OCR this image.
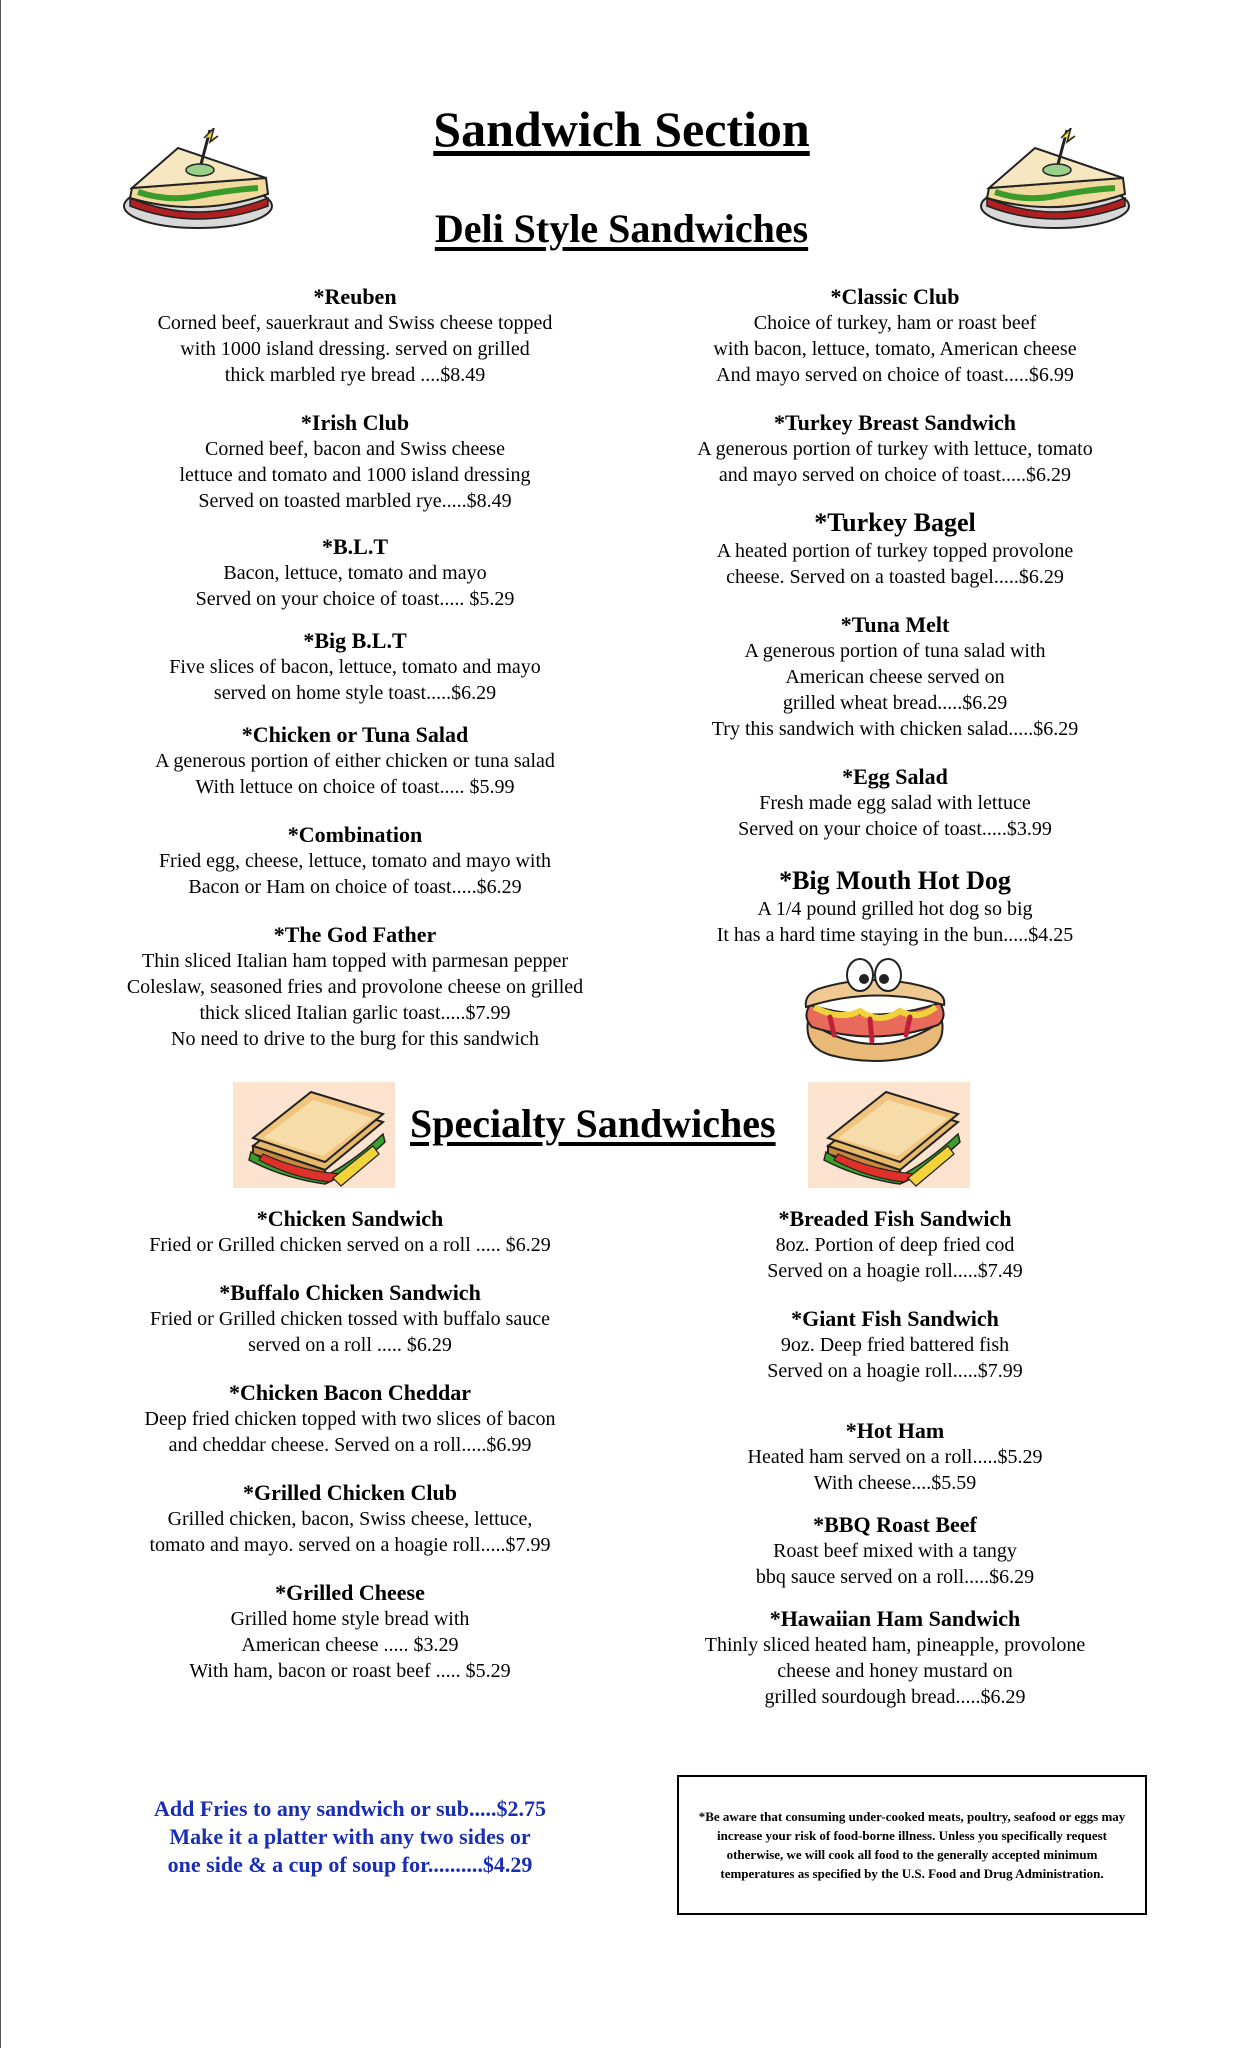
Sandwich Section
Deli Style Sandwiches
*Reuben
Corned beef, sauerkraut and Swiss cheese topped
with 1000 island dressing. served on grilled
thick marbled rye bread ....$8.49
*Irish Club
Corned beef, bacon and Swiss cheese
lettuce and tomato and 1000 island dressing
Served on toasted marbled rye.....$8.49
*B.L.T
Bacon, lettuce, tomato and mayo
Served on your choice of toast..... $5.29
*Big B.L.T
Five slices of bacon, lettuce, tomato and mayo
served on home style toast.....$6.29
*Chicken or Tuna Salad
A generous portion of either chicken or tuna salad
With lettuce on choice of toast..... $5.99
*Combination
Fried egg, cheese, lettuce, tomato and mayo with
Bacon or Ham on choice of toast.....$6.29
*The God Father
Thin sliced Italian ham topped with parmesan pepper
Coleslaw, seasoned fries and provolone cheese on grilled
thick sliced Italian garlic toast.....$7.99
No need to drive to the burg for this sandwich
*Classic Club
Choice of turkey, ham or roast beef
with bacon, lettuce, tomato, American cheese
And mayo served on choice of toast.....$6.99
*Turkey Breast Sandwich
A generous portion of turkey with lettuce, tomato
and mayo served on choice of toast.....$6.29
*Turkey Bagel
A heated portion of turkey topped provolone
cheese. Served on a toasted bagel.....$6.29
*Tuna Melt
A generous portion of tuna salad with
American cheese served on
grilled wheat bread.....$6.29
Try this sandwich with chicken salad.....$6.29
*Egg Salad
Fresh made egg salad with lettuce
Served on your choice of toast.....$3.99
*Big Mouth Hot Dog
A 1/4 pound grilled hot dog so big
It has a hard time staying in the bun.....$4.25
Specialty Sandwiches
*Chicken Sandwich
Fried or Grilled chicken served on a roll ..... $6.29
*Buffalo Chicken Sandwich
Fried or Grilled chicken tossed with buffalo sauce
served on a roll ..... $6.29
*Chicken Bacon Cheddar
Deep fried chicken topped with two slices of bacon
and cheddar cheese. Served on a roll.....$6.99
*Grilled Chicken Club
Grilled chicken, bacon, Swiss cheese, lettuce,
tomato and mayo. served on a hoagie roll.....$7.99
*Grilled Cheese
Grilled home style bread with
American cheese ..... $3.29
With ham, bacon or roast beef ..... $5.29
*Breaded Fish Sandwich
8oz. Portion of deep fried cod
Served on a hoagie roll.....$7.49
*Giant Fish Sandwich
9oz. Deep fried battered fish
Served on a hoagie roll.....$7.99
*Hot Ham
Heated ham served on a roll.....$5.29
With cheese....$5.59
*BBQ Roast Beef
Roast beef mixed with a tangy
bbq sauce served on a roll.....$6.29
*Hawaiian Ham Sandwich
Thinly sliced heated ham, pineapple, provolone
cheese and honey mustard on
grilled sourdough bread.....$6.29
Add Fries to any sandwich or sub.....$2.75
Make it a platter with any two sides or
one side & a cup of soup for..........$4.29

*Be aware that consuming under-cooked meats, poultry, seafood or eggs may increase your risk of food-borne illness. Unless you specifically request otherwise, we will cook all food to the generally accepted minimum temperatures as specified by the U.S. Food and Drug Administration.
